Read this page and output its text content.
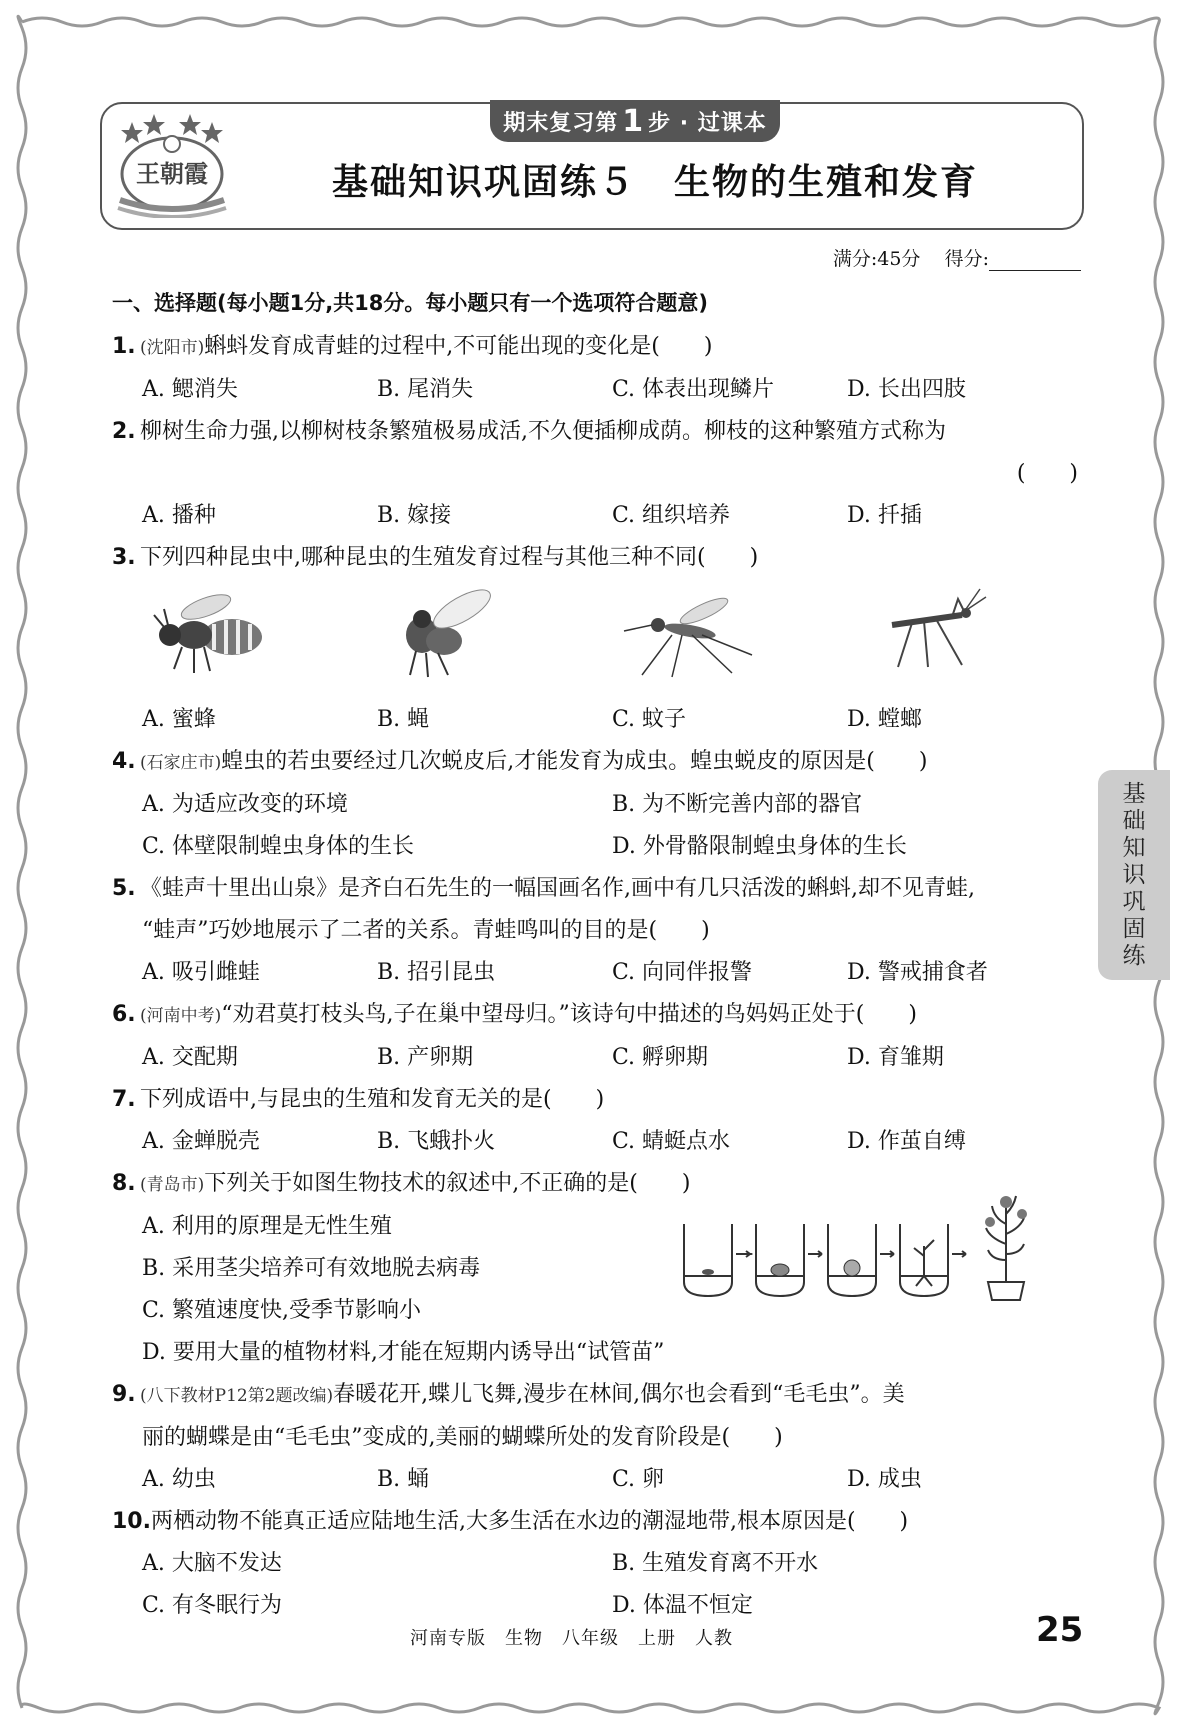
王朝霞
期末复习第 1 步 · 过课本
基础知识巩固练５　生物的生殖和发育
满分:45分 得分:
一、选择题(每小题1分,共18分。每小题只有一个选项符合题意)
1. (沈阳市)蝌蚪发育成青蛙的过程中,不可能出现的变化是(　　)
A. 鳃消失	B. 尾消失	C. 体表出现鳞片	D. 长出四肢
2. 柳树生命力强,以柳树枝条繁殖极易成活,不久便插柳成荫。柳枝的这种繁殖方式称为
(　　)
A. 播种	B. 嫁接	C. 组织培养	D. 扦插
3. 下列四种昆虫中,哪种昆虫的生殖发育过程与其他三种不同(　　)
A. 蜜蜂	B. 蝇	C. 蚊子	D. 螳螂
4. (石家庄市)蝗虫的若虫要经过几次蜕皮后,才能发育为成虫。蝗虫蜕皮的原因是(　　)
A. 为适应改变的环境	B. 为不断完善内部的器官
C. 体壁限制蝗虫身体的生长	D. 外骨骼限制蝗虫身体的生长
5. 《蛙声十里出山泉》是齐白石先生的一幅国画名作,画中有几只活泼的蝌蚪,却不见青蛙,
“蛙声”巧妙地展示了二者的关系。青蛙鸣叫的目的是(　　)
A. 吸引雌蛙	B. 招引昆虫	C. 向同伴报警	D. 警戒捕食者
6. (河南中考)“劝君莫打枝头鸟,子在巢中望母归。”该诗句中描述的鸟妈妈正处于(　　)
A. 交配期	B. 产卵期	C. 孵卵期	D. 育雏期
7. 下列成语中,与昆虫的生殖和发育无关的是(　　)
A. 金蝉脱壳	B. 飞蛾扑火	C. 蜻蜓点水	D. 作茧自缚
8. (青岛市)下列关于如图生物技术的叙述中,不正确的是(　　)
A. 利用的原理是无性生殖
B. 采用茎尖培养可有效地脱去病毒
C. 繁殖速度快,受季节影响小
D. 要用大量的植物材料,才能在短期内诱导出“试管苗”
9. (八下教材P12第2题改编)春暖花开,蝶儿飞舞,漫步在林间,偶尔也会看到“毛毛虫”。美
丽的蝴蝶是由“毛毛虫”变成的,美丽的蝴蝶所处的发育阶段是(　　)
A. 幼虫	B. 蛹	C. 卵	D. 成虫
10.两栖动物不能真正适应陆地生活,大多生活在水边的潮湿地带,根本原因是(　　)
A. 大脑不发达	B. 生殖发育离不开水
C. 有冬眠行为	D. 体温不恒定
基
础
知
识
巩
固
练
河南专版　生物　八年级　上册　人教	25
